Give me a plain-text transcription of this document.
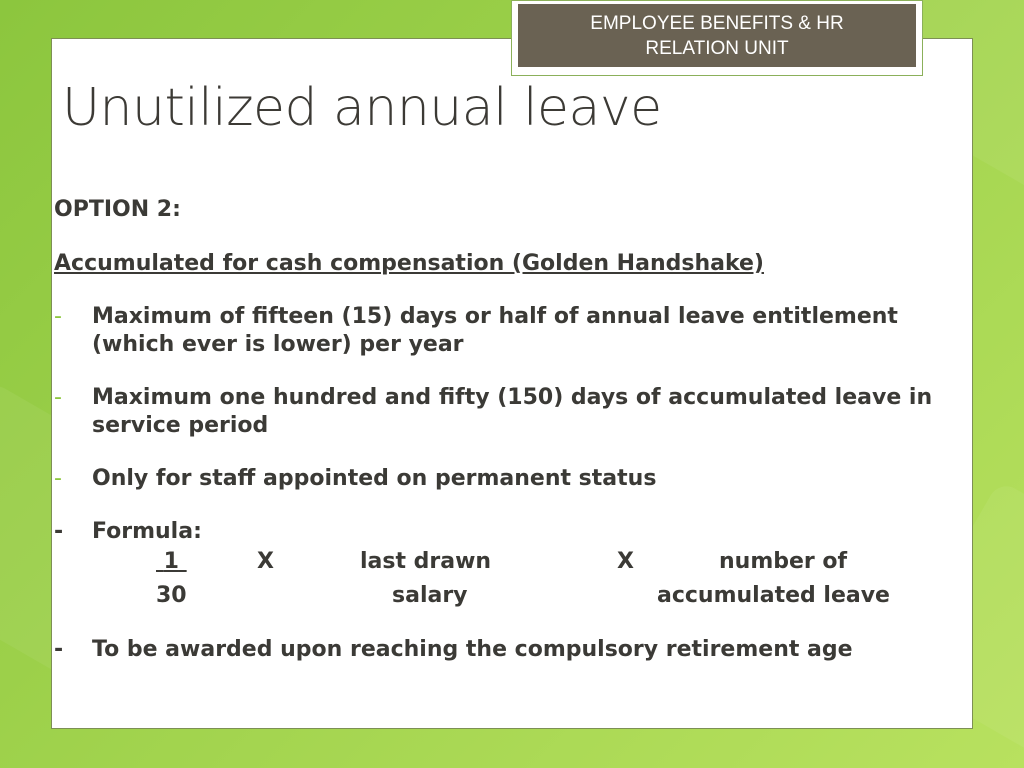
EMPLOYEE BENEFITS & HR
RELATION UNIT
Unutilized annual leave

OPTION 2:

Accumulated for cash compensation (Golden Handshake)

-	Maximum of fifteen (15) days or half of annual leave entitlement (which ever is lower) per year
-	Maximum one hundred and fifty (150) days of accumulated leave in service period
-	Only for staff appointed on permanent status
-	Formula:
1	X	last drawn	X	number of
30	salary	accumulated leave
-	To be awarded upon reaching the compulsory retirement age
